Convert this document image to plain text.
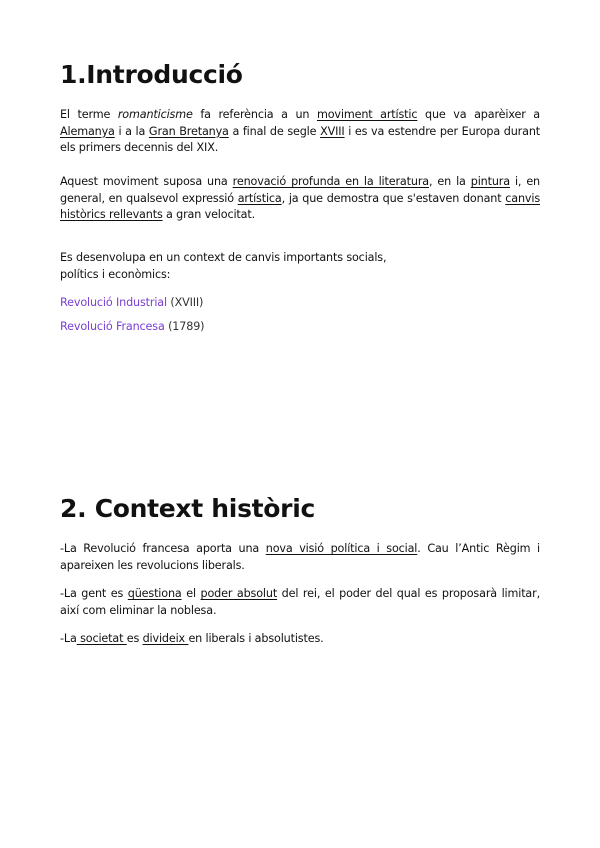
1.Introducció

El terme romanticisme fa referència a un moviment artístic que va aparèixer a Alemanya i a la Gran Bretanya a final de segle XVIII i es va estendre per Europa durant els primers decennis del XIX.

Aquest moviment suposa una renovació profunda en la literatura, en la pintura i, en general, en qualsevol expressió artística, ja que demostra que s'estaven donant canvis històrics rellevants a gran velocitat.

Es desenvolupa en un context de canvis importants socials,
polítics i econòmics:

Revolució Industrial (XVIII)

Revolució Francesa (1789)

2. Context històric

-La Revolució francesa aporta una nova visió política i social. Cau l’Antic Règim i apareixen les revolucions liberals.

-La gent es qüestiona el poder absolut del rei, el poder del qual es proposarà limitar, així com eliminar la noblesa.

-La societat es divideix en liberals i absolutistes.
